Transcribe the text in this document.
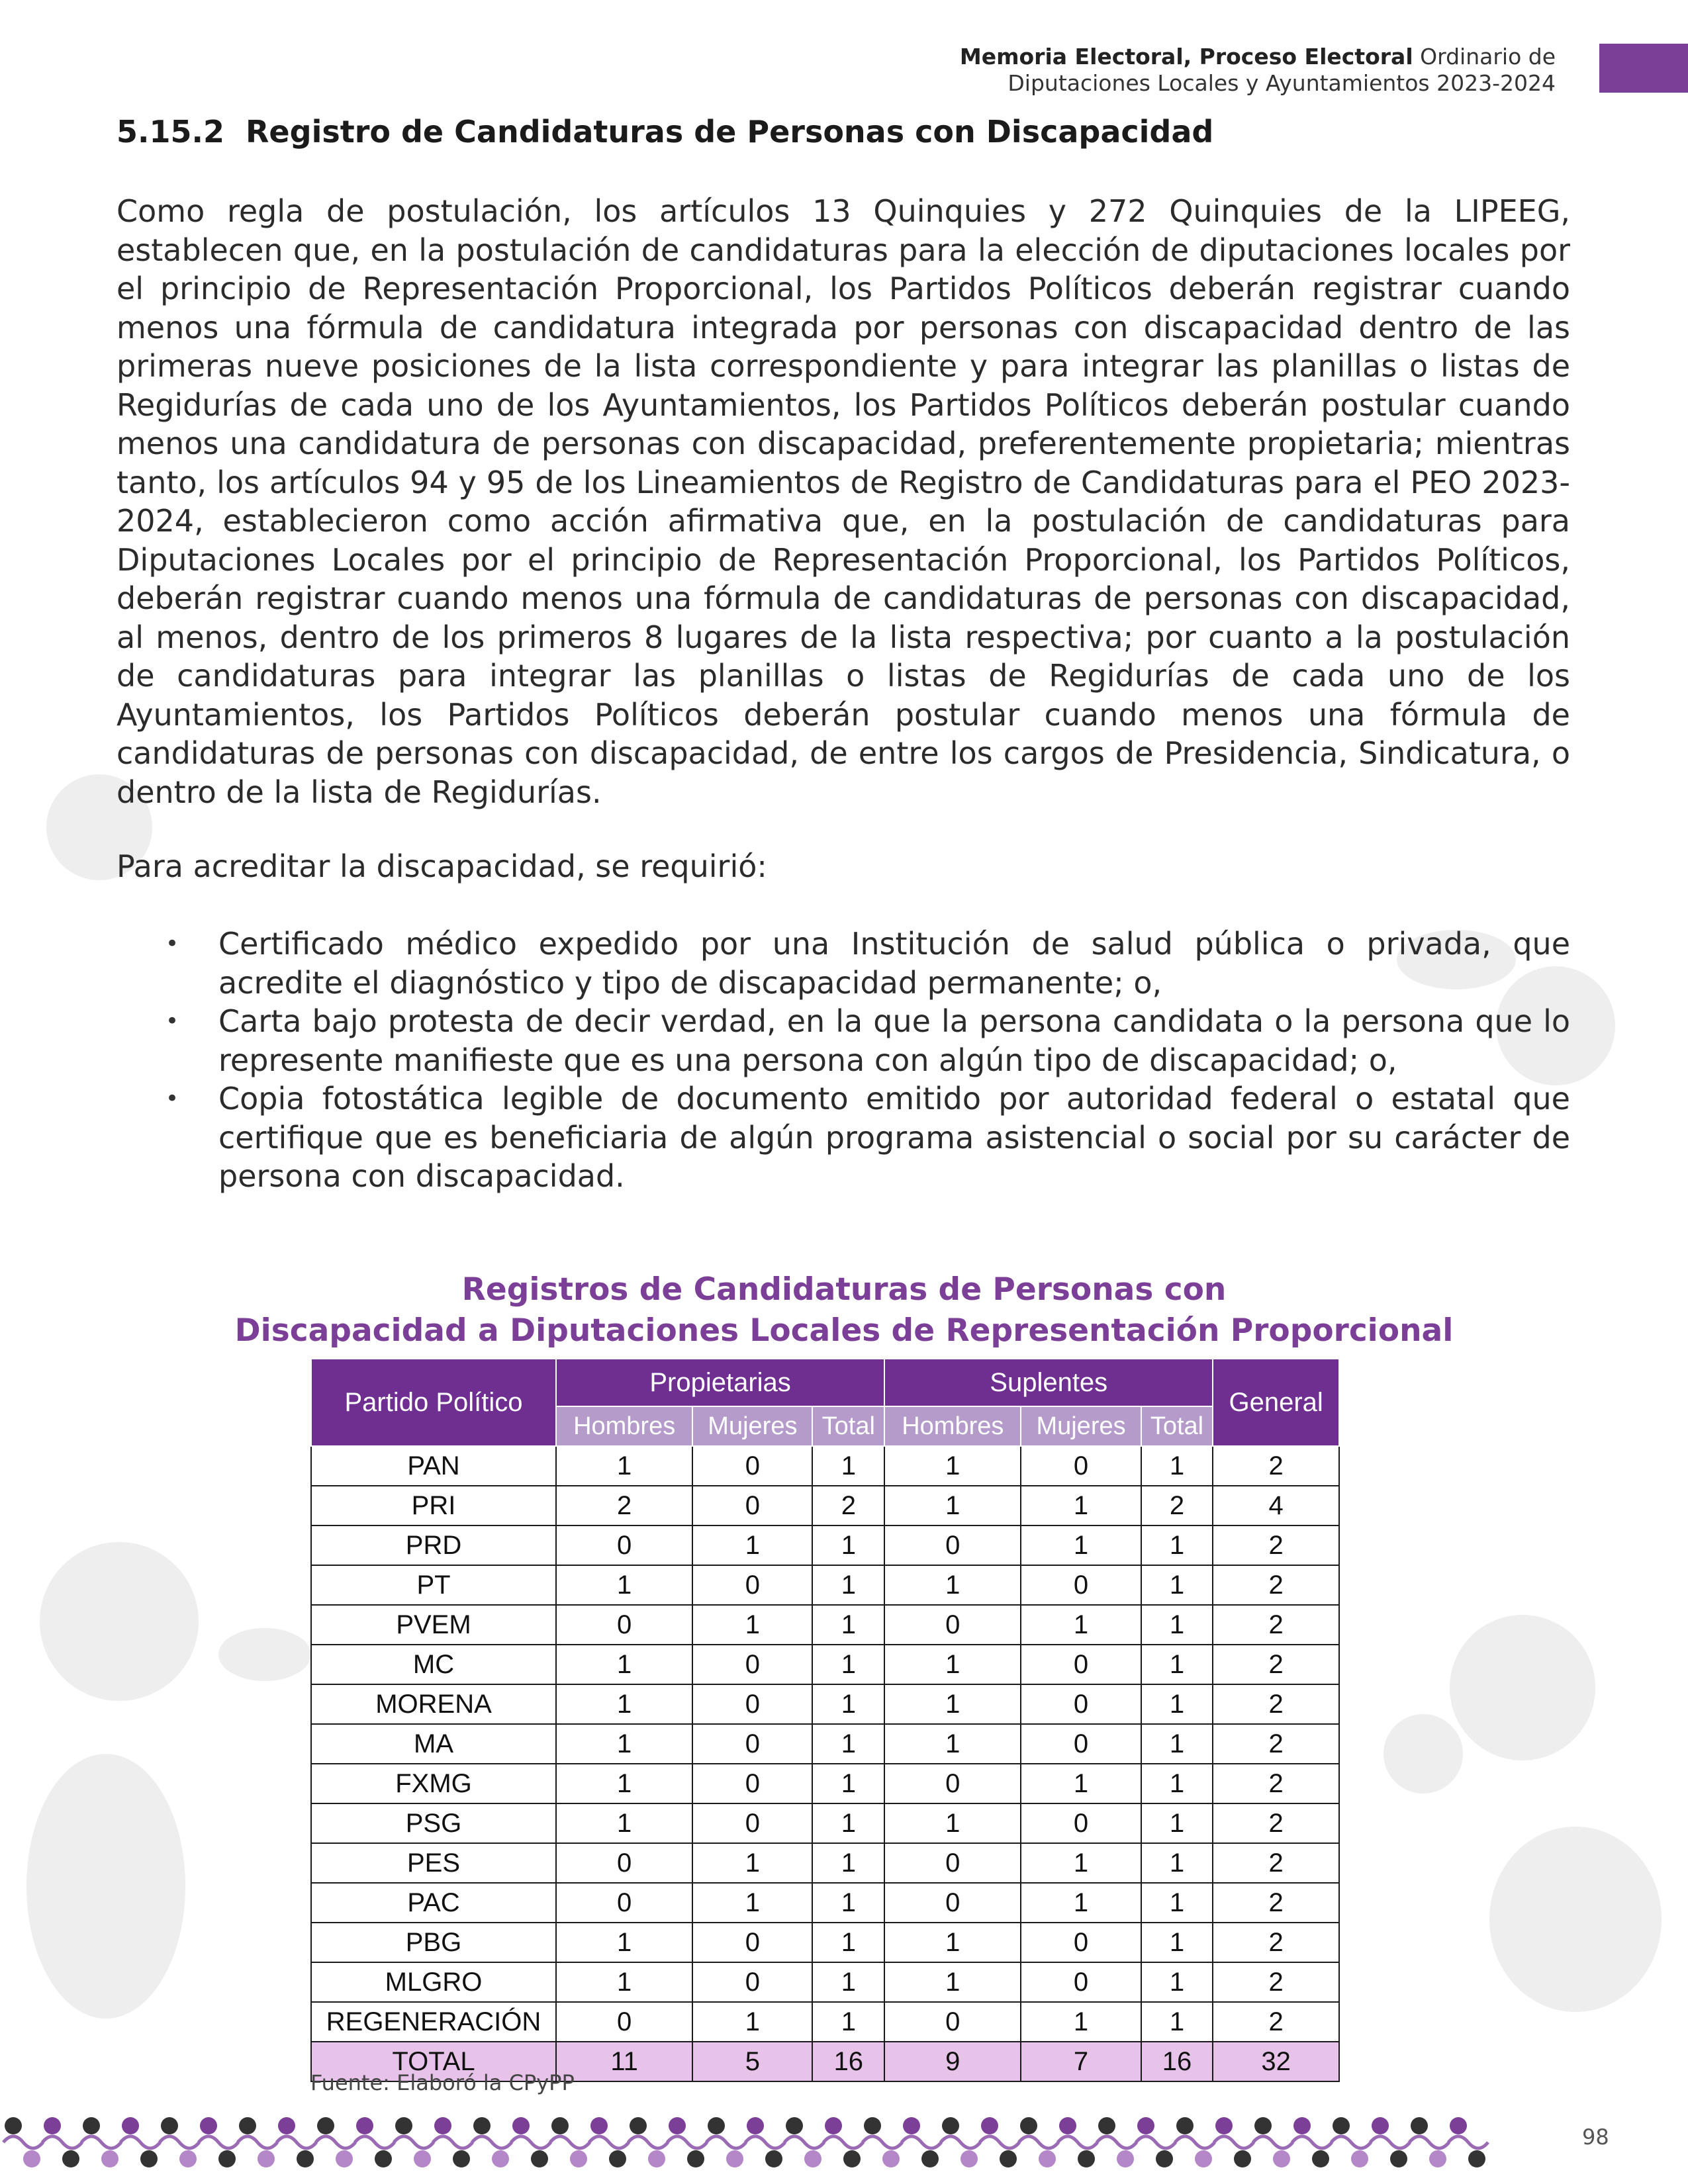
Memoria Electoral, Proceso Electoral Ordinario de
Diputaciones Locales y Ayuntamientos 2023-2024
5.15.2 Registro de Candidaturas de Personas con Discapacidad
Como regla de postulación, los artículos 13 Quinquies y 272 Quinquies de la LIPEEG, establecen que, en la postulación de candidaturas para la elección de diputaciones locales por el principio de Representación Proporcional, los Partidos Políticos deberán registrar cuando menos una fórmula de candidatura integrada por personas con discapacidad dentro de las primeras nueve posiciones de la lista correspondiente y para integrar las planillas o listas de Regidurías de cada uno de los Ayuntamientos, los Partidos Políticos deberán postular cuando menos una candidatura de personas con discapacidad, preferentemente propietaria; mientras tanto, los artículos 94 y 95 de los Lineamientos de Registro de Candidaturas para el PEO 2023-2024, establecieron como acción afirmativa que, en la postulación de candidaturas para Diputaciones Locales por el principio de Representación Proporcional, los Partidos Políticos, deberán registrar cuando menos una fórmula de candidaturas de personas con discapacidad, al menos, dentro de los primeros 8 lugares de la lista respectiva; por cuanto a la postulación de candidaturas para integrar las planillas o listas de Regidurías de cada uno de los Ayuntamientos, los Partidos Políticos deberán postular cuando menos una fórmula de candidaturas de personas con discapacidad, de entre los cargos de Presidencia, Sindicatura, o dentro de la lista de Regidurías.
Para acreditar la discapacidad, se requirió:
• Certificado médico expedido por una Institución de salud pública o privada, que acredite el diagnóstico y tipo de discapacidad permanente; o,
• Carta bajo protesta de decir verdad, en la que la persona candidata o la persona que lo represente manifieste que es una persona con algún tipo de discapacidad; o,
• Copia fotostática legible de documento emitido por autoridad federal o estatal que certifique que es beneficiaria de algún programa asistencial o social por su carácter de persona con discapacidad.
Registros de Candidaturas de Personas con
Discapacidad a Diputaciones Locales de Representación Proporcional
Partido Político	Propietarias			Suplentes			General
	Hombres	Mujeres	Total	Hombres	Mujeres	Total	
PAN	1	0	1	1	0	1	2
PRI	2	0	2	1	1	2	4
PRD	0	1	1	0	1	1	2
PT	1	0	1	1	0	1	2
PVEM	0	1	1	0	1	1	2
MC	1	0	1	1	0	1	2
MORENA	1	0	1	1	0	1	2
MA	1	0	1	1	0	1	2
FXMG	1	0	1	0	1	1	2
PSG	1	0	1	1	0	1	2
PES	0	1	1	0	1	1	2
PAC	0	1	1	0	1	1	2
PBG	1	0	1	1	0	1	2
MLGRO	1	0	1	1	0	1	2
REGENERACIÓN	0	1	1	0	1	1	2
TOTAL	11	5	16	9	7	16	32
Fuente: Elaboró la CPyPP
98
